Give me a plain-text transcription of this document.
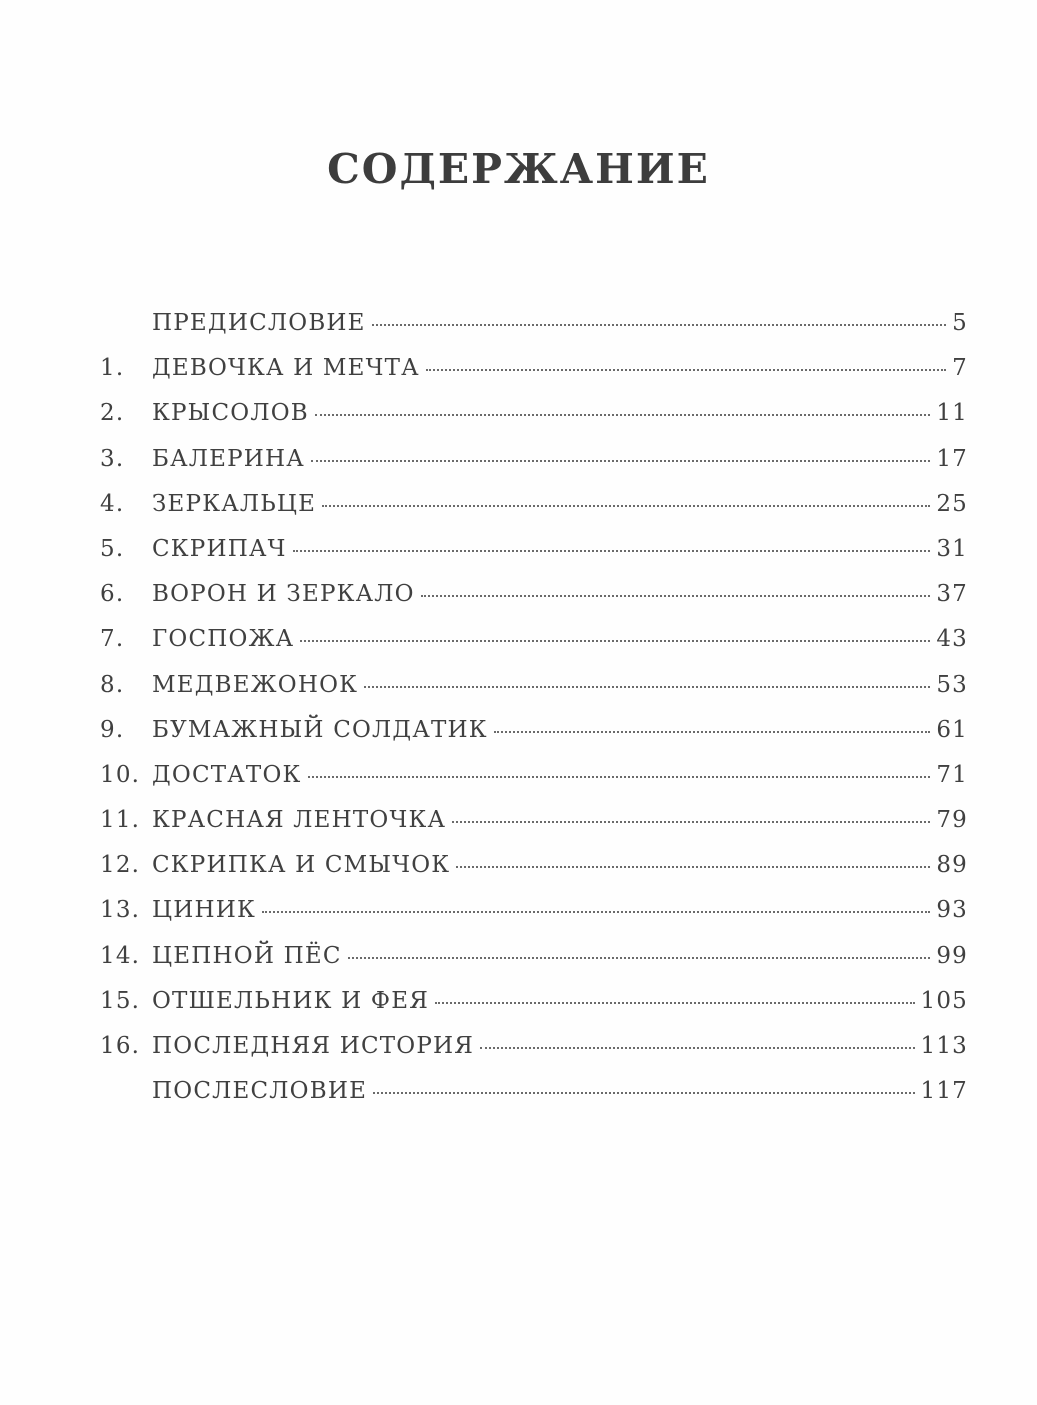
СОДЕРЖАНИЕ
ПРЕДИСЛОВИЕ	5
1.	ДЕВОЧКА И МЕЧТА	7
2.	КРЫСОЛОВ	11
3.	БАЛЕРИНА	17
4.	ЗЕРКАЛЬЦЕ	25
5.	СКРИПАЧ	31
6.	ВОРОН И ЗЕРКАЛО	37
7.	ГОСПОЖА	43
8.	МЕДВЕЖОНОК	53
9.	БУМАЖНЫЙ СОЛДАТИК	61
10. ДОСТАТОК	71
11. КРАСНАЯ ЛЕНТОЧКА	79
12. СКРИПКА И СМЫЧОК	89
13. ЦИНИК	93
14. ЦЕПНОЙ ПЁС	99
15. ОТШЕЛЬНИК И ФЕЯ	105
16. ПОСЛЕДНЯЯ ИСТОРИЯ	113
ПОСЛЕСЛОВИЕ	117
